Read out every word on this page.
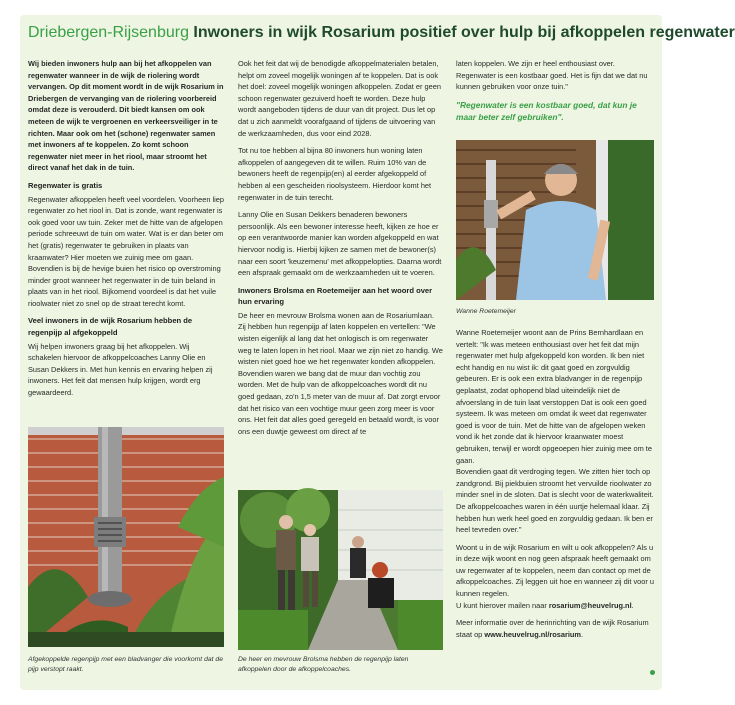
Driebergen-Rijsenburg Inwoners in wijk Rosarium positief over hulp bij afkoppelen regenwater

Wij bieden inwoners hulp aan bij het afkoppelen van regenwater wanneer in de wijk de riolering wordt vervangen. Op dit moment wordt in de wijk Rosarium in Driebergen de vervanging van de riolering voorbereid omdat deze is verouderd. Dit biedt kansen om ook meteen de wijk te vergroenen en verkeersveiliger in te richten. Maar ook om het (schone) regenwater samen met inwoners af te koppelen. Zo komt schoon regenwater niet meer in het riool, maar stroomt het direct vanaf het dak in de tuin.

Regenwater is gratis

Regenwater afkoppelen heeft veel voordelen. Voorheen liep regenwater zo het riool in. Dat is zonde, want regenwater is ook goed voor uw tuin. Zeker met de hitte van de afgelopen periode schreeuwt de tuin om water. Wat is er dan beter om het (gratis) regenwater te gebruiken in plaats van kraanwater? Hier moeten we zuinig mee om gaan. Bovendien is bij de hevige buien het risico op overstroming minder groot wanneer het regenwater in de tuin beland in plaats van in het riool. Bijkomend voordeel is dat het vuile rioolwater niet zo snel op de straat terecht komt.

Veel inwoners in de wijk Rosarium hebben de regenpijp al afgekoppeld

Wij helpen inwoners graag bij het afkoppelen. Wij schakelen hiervoor de afkoppelcoaches Lanny Olie en Susan Dekkers in. Met hun kennis en ervaring helpen zij inwoners. Het feit dat mensen hulp krijgen, wordt erg gewaardeerd.

Afgekoppelde regenpijp met een bladvanger die voorkomt dat de pijp verstopt raakt.

Ook het feit dat wij de benodigde afkoppelmaterialen betalen, helpt om zoveel mogelijk woningen af te koppelen. Dat is ook het doel: zoveel mogelijk woningen afkoppelen. Zodat er geen schoon regenwater gezuiverd hoeft te worden. Deze hulp wordt aangeboden tijdens de duur van dit project. Dus let op dat u zich aanmeldt voorafgaand of tijdens de uitvoering van de werkzaamheden, dus voor eind 2028.

Tot nu toe hebben al bijna 80 inwoners hun woning laten afkoppelen of aangegeven dit te willen. Ruim 10% van de bewoners heeft de regenpijp(en) al eerder afgekoppeld of hebben al een gescheiden rioolsysteem. Hierdoor komt het regenwater in de tuin terecht.

Lanny Olie en Susan Dekkers benaderen bewoners persoonlijk. Als een bewoner interesse heeft, kijken ze hoe er op een verantwoorde manier kan worden afgekoppeld en wat hiervoor nodig is. Hierbij kijken ze samen met de bewoner(s) naar een soort 'keuzemenu' met afkoppelopties. Daarna wordt een afspraak gemaakt om de werkzaamheden uit te voeren.

Inwoners Brolsma en Roetemeijer aan het woord over hun ervaring

De heer en mevrouw Brolsma wonen aan de Rosariumlaan. Zij hebben hun regenpijp af laten koppelen en vertellen: "We wisten eigenlijk al lang dat het onlogisch is om regenwater weg te laten lopen in het riool. Maar we zijn niet zo handig. We wisten niet goed hoe we het regenwater konden afkoppelen. Bovendien waren we bang dat de muur dan vochtig zou worden. Met de hulp van de afkoppelcoaches wordt dit nu goed gedaan, zo'n 1,5 meter van de muur af. Dat zorgt ervoor dat het risico van een vochtige muur geen zorg meer is voor ons. Het feit dat alles goed geregeld en betaald wordt, is voor ons een duwtje geweest om direct af te

De heer en mevrouw Brolsma hebben de regenpijp laten afkoppelen door de afkoppelcoaches.

laten koppelen. We zijn er heel enthousiast over. Regenwater is een kostbaar goed. Het is fijn dat we dat nu kunnen gebruiken voor onze tuin."

"Regenwater is een kostbaar goed, dat kun je maar beter zelf gebruiken".

Wanne Roetemeijer

Wanne Roetemeijer woont aan de Prins Bernhardlaan en vertelt: "Ik was meteen enthousiast over het feit dat mijn regenwater met hulp afgekoppeld kon worden. Ik ben niet echt handig en nu wist ik: dit gaat goed en zorgvuldig gebeuren. Er is ook een extra bladvanger in de regenpijp geplaatst, zodat ophopend blad uiteindelijk niet de afvoerslang in de tuin laat verstoppen Dat is ook een goed systeem. Ik was meteen om omdat ik weet dat regenwater goed is voor de tuin. Met de hitte van de afgelopen weken vond ik het zonde dat ik hiervoor kraanwater moest gebruiken, terwijl er wordt opgeoepen hier zuinig mee om te gaan.

Bovendien gaat dit verdroging tegen. We zitten hier toch op zandgrond. Bij piekbuien stroomt het vervuilde rioolwater zo minder snel in de sloten. Dat is slecht voor de waterkwaliteit. De afkoppelcoaches waren in één uurtje helemaal klaar. Zij hebben hun werk heel goed en zorgvuldig gedaan. Ik ben er heel tevreden over."

Woont u in de wijk Rosarium en wilt u ook afkoppelen? Als u in deze wijk woont en nog geen afspraak heeft gemaakt om uw regenwater af te koppelen, neem dan contact op met de afkoppelcoaches. Zij leggen uit hoe en wanneer zij dit voor u kunnen regelen.

U kunt hierover mailen naar rosarium@heuvelrug.nl.

Meer informatie over de herinrichting van de wijk Rosarium staat op www.heuvelrug.nl/rosarium.
